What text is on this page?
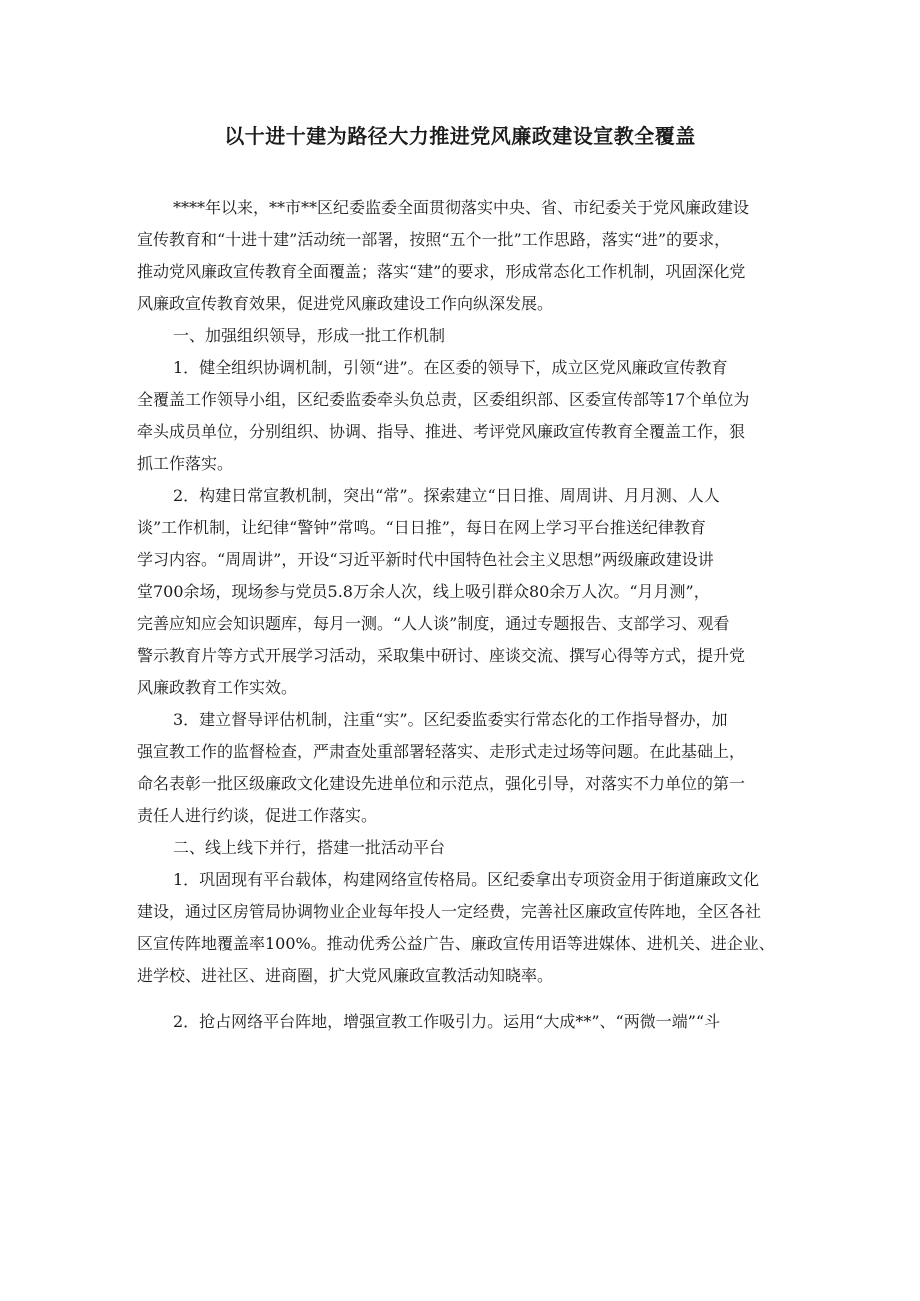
以十进十建为路径大力推进党风廉政建设宣教全覆盖
****年以来，**市**区纪委监委全面贯彻落实中央、省、市纪委关于党风廉政建设
宣传教育和“十进十建”活动统一部署，按照“五个一批”工作思路，落实“进”的要求，
推动党风廉政宣传教育全面覆盖；落实“建”的要求，形成常态化工作机制，巩固深化党
风廉政宣传教育效果，促进党风廉政建设工作向纵深发展。
一、加强组织领导，形成一批工作机制
1．健全组织协调机制，引领“进”。在区委的领导下，成立区党风廉政宣传教育
全覆盖工作领导小组，区纪委监委牵头负总责，区委组织部、区委宣传部等17个单位为
牵头成员单位，分别组织、协调、指导、推进、考评党风廉政宣传教育全覆盖工作，狠
抓工作落实。
2．构建日常宣教机制，突出“常”。探索建立“日日推、周周讲、月月测、人人
谈”工作机制，让纪律“警钟”常鸣。“日日推”，每日在网上学习平台推送纪律教育
学习内容。“周周讲”，开设“习近平新时代中国特色社会主义思想”两级廉政建设讲
堂700余场，现场参与党员5.8万余人次，线上吸引群众80余万人次。“月月测”，
完善应知应会知识题库，每月一测。“人人谈”制度，通过专题报告、支部学习、观看
警示教育片等方式开展学习活动，采取集中研讨、座谈交流、撰写心得等方式，提升党
风廉政教育工作实效。
3．建立督导评估机制，注重“实”。区纪委监委实行常态化的工作指导督办，加
强宣教工作的监督检查，严肃查处重部署轻落实、走形式走过场等问题。在此基础上，
命名表彰一批区级廉政文化建设先进单位和示范点，强化引导，对落实不力单位的第一
责任人进行约谈，促进工作落实。
二、线上线下并行，搭建一批活动平台
1．巩固现有平台载体，构建网络宣传格局。区纪委拿出专项资金用于街道廉政文化
建设，通过区房管局协调物业企业每年投人一定经费，完善社区廉政宣传阵地，全区各社
区宣传阵地覆盖率100%。推动优秀公益广告、廉政宣传用语等进媒体、进机关、进企业、
进学校、进社区、进商圈，扩大党风廉政宣教活动知晓率。
2．抢占网络平台阵地，增强宣教工作吸引力。运用“大成**”、“两微一端”“斗
